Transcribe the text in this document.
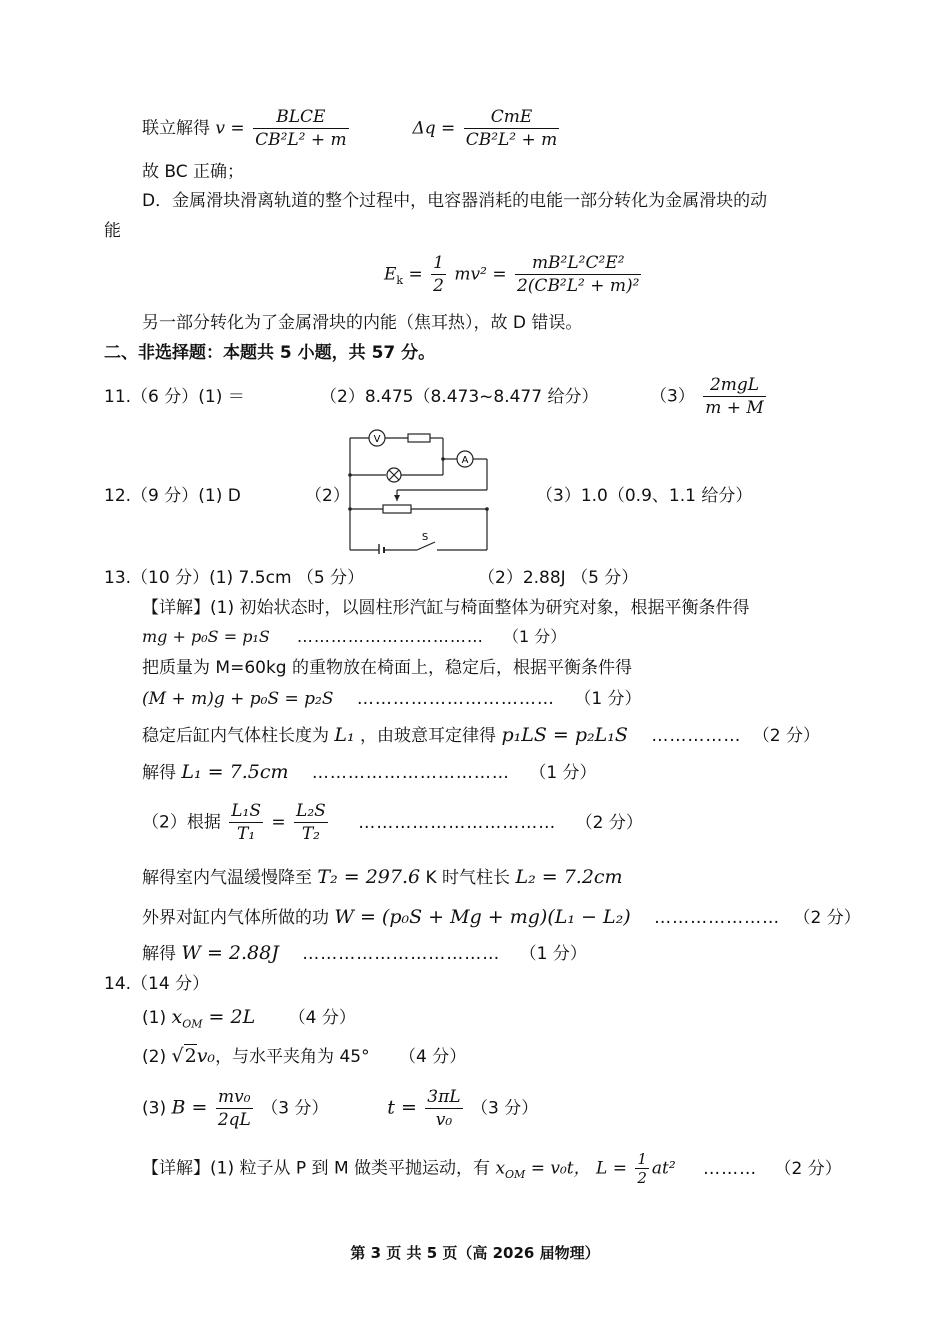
联立解得 $v = \frac{\text{BLCE}}{\text{CB²L² + m}}$	$\Delta q = \frac{\text{CmE}}{\text{CB²L² + m}}$
故 BC 正确；
D．金属滑块滑离轨道的整个过程中，电容器消耗的电能一部分转化为金属滑块的动
能
$E_k = \frac{1}{2} mv^2 = \frac{\text{mB²L²C²E²}}{\text{2(CB²L² + m)²}}$
另一部分转化为了金属滑块的内能（焦耳热），故 D 错误。
二、非选择题：本题共 5 小题，共 57 分。
11.（6 分）(1) ＝	（2）8.475（8.473~8.477 给分）	$(3) \frac{\text{2mgL}}{m + M}$
12.（9 分）(1) D	（2）
V
A
S
（3）1.0（0.9、1.1 给分）
13.（10 分）(1) 7.5cm （5 分）	（2）2.88J （5 分）
【详解】(1) 初始状态时，以圆柱形汽缸与椅面整体为研究对象，根据平衡条件得
mg + p₀S = p₁S …………………………… （1 分）
把质量为 M=60kg 的重物放在椅面上，稳定后，根据平衡条件得
(M + m)g + p₀S = p₂S …………………………… （1 分）
稳定后缸内气体柱长度为 L₁ ，由玻意耳定律得 p₁LS = p₂L₁S …………… （2 分）
解得 L₁ = 7.5cm …………………………… （1 分）
（2）根据 $\frac{\text{L₁S}}{\text{T₁}} = \frac{\text{L₂S}}{\text{T₂}}$ …………………………… （2 分）
解得室内气温缓慢降至 T₂ = 297.6 K 时气柱长 L₂ = 7.2cm
外界对缸内气体所做的功 W = (p₀S + Mg + mg)(L₁ − L₂) ………………… （2 分）
解得 W = 2.88J …………………………… （1 分）
14.（14 分）
(1) $x_{OM} = 2L$ （4 分）
(2) √2v₀，与水平夹角为 45° （4 分）
(3) $B = \frac{\text{mv₀}}{2qL} (3$ 分）	$t = \frac{3\pi L}{\text{v₀}} (3$ 分）
【详解】(1) 粒子从 P 到 M 做类平抛运动，有 $x_{OM} = v_0t$， $L = \frac{1}{2} at^2$ ……… （2 分）
第 3 页 共 5 页（高 2026 届物理）
